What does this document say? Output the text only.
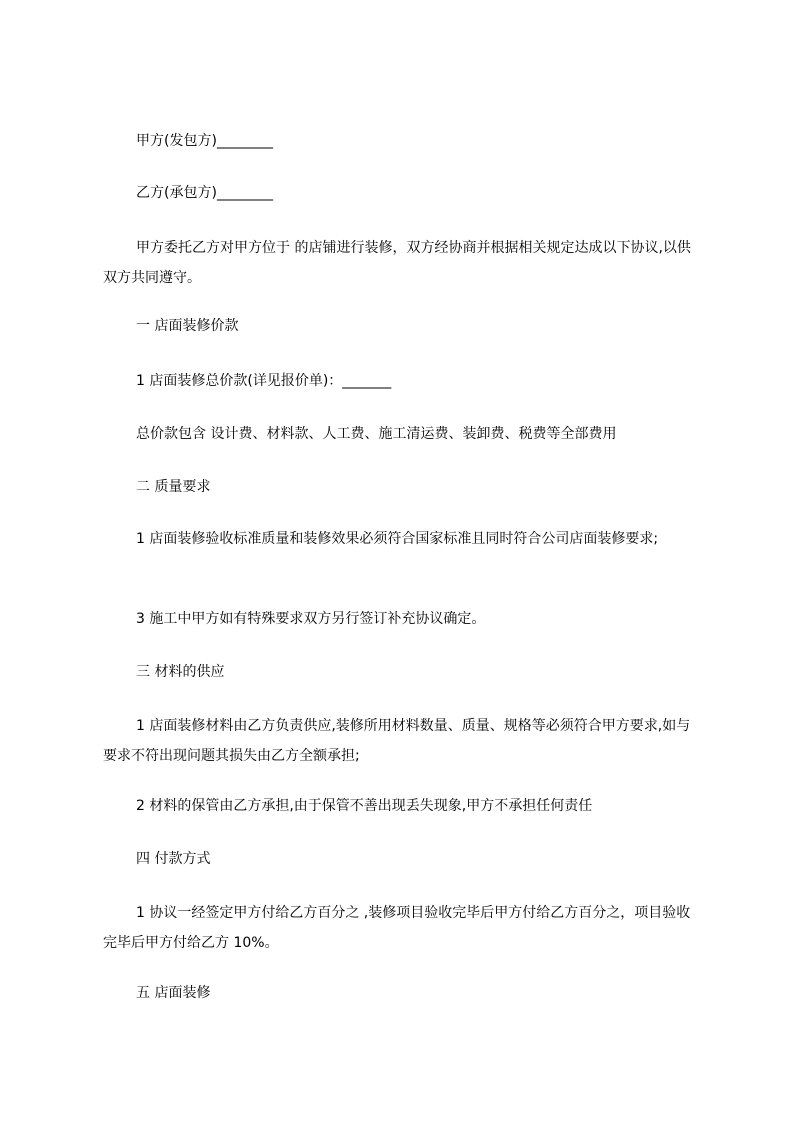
甲方(发包方)________
乙方(承包方)________
甲方委托乙方对甲方位于 的店铺进行装修，双方经协商并根据相关规定达成以下协议,以供双方共同遵守。
一 店面装修价款
1 店面装修总价款(详见报价单)：_______
总价款包含 设计费、材料款、人工费、施工清运费、装卸费、税费等全部费用
二 质量要求
1 店面装修验收标准质量和装修效果必须符合国家标准且同时符合公司店面装修要求;
3 施工中甲方如有特殊要求双方另行签订补充协议确定。
三 材料的供应
1 店面装修材料由乙方负责供应,装修所用材料数量、质量、规格等必须符合甲方要求,如与要求不符出现问题其损失由乙方全额承担;
2 材料的保管由乙方承担,由于保管不善出现丢失现象,甲方不承担任何责任
四 付款方式
1 协议一经签定甲方付给乙方百分之 ,装修项目验收完毕后甲方付给乙方百分之，项目验收完毕后甲方付给乙方 10%。
五 店面装修
